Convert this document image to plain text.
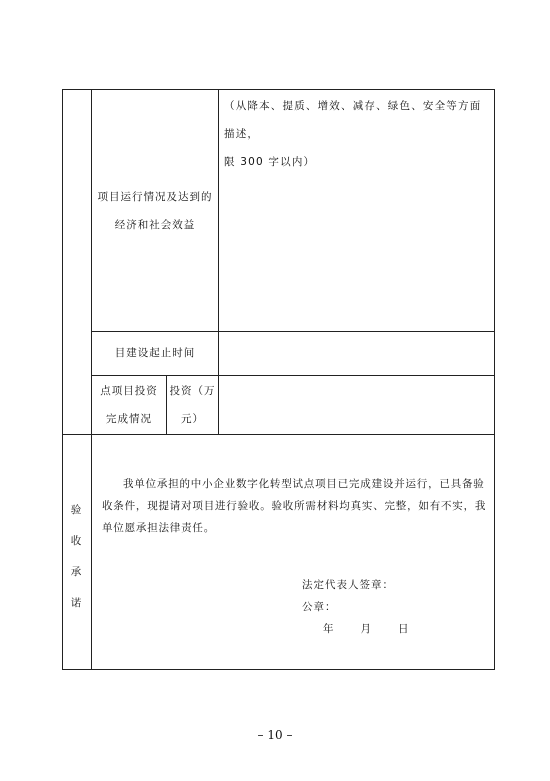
项目运行情况及达到的
经济和社会效益
（从降本、提质、增效、减存、绿色、安全等方面描述，
限 300 字以内）
目建设起止时间
点项目投资
完成情况
投资（万
元）
验
收
承
诺
我单位承担的中小企业数字化转型试点项目已完成建设并运行，已具备验收条件，现提请对项目进行验收。验收所需材料均真实、完整，如有不实，我单位愿承担法律责任。
法定代表人签章：
公章：
年      月      日
– 10 –
